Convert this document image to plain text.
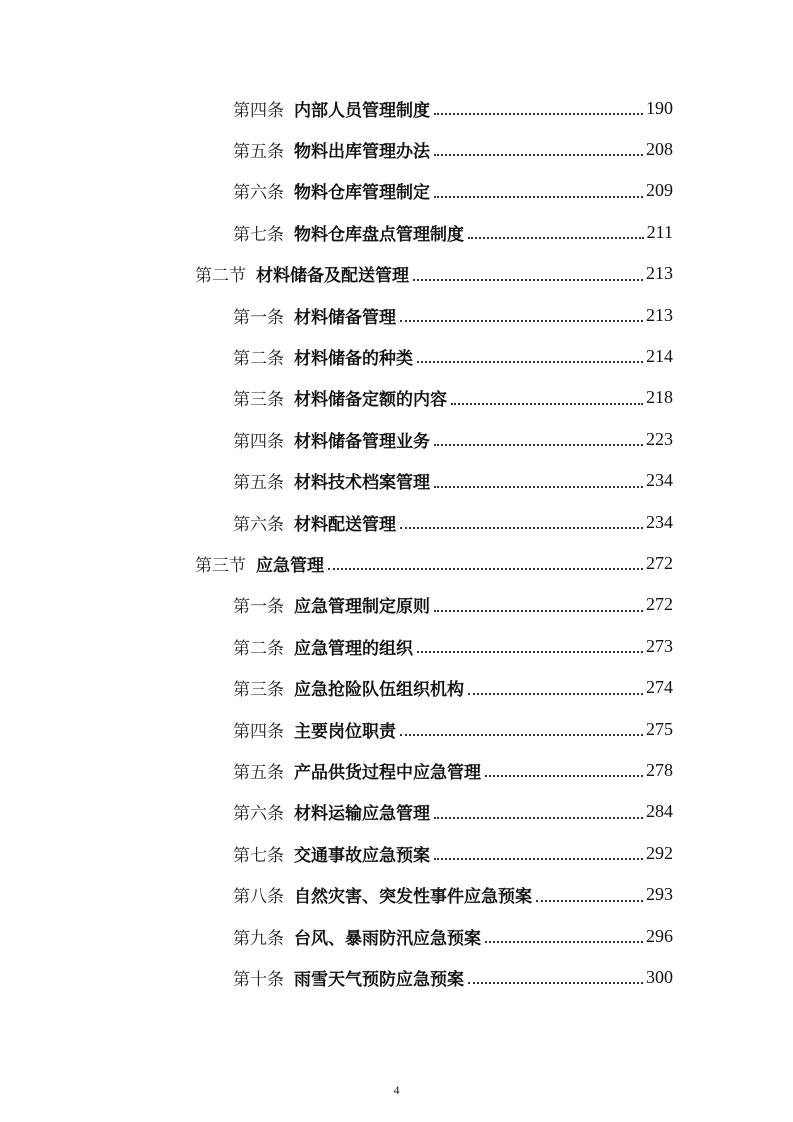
第四条 内部人员管理制度	190
第五条 物料出库管理办法	208
第六条 物料仓库管理制定	209
第七条 物料仓库盘点管理制度	211
第二节 材料储备及配送管理	213
第一条 材料储备管理	213
第二条 材料储备的种类	214
第三条 材料储备定额的内容	218
第四条 材料储备管理业务	223
第五条 材料技术档案管理	234
第六条 材料配送管理	234
第三节 应急管理	272
第一条 应急管理制定原则	272
第二条 应急管理的组织	273
第三条 应急抢险队伍组织机构	274
第四条 主要岗位职责	275
第五条 产品供货过程中应急管理	278
第六条 材料运输应急管理	284
第七条 交通事故应急预案	292
第八条 自然灾害、突发性事件应急预案	293
第九条 台风、暴雨防汛应急预案	296
第十条 雨雪天气预防应急预案	300
4
